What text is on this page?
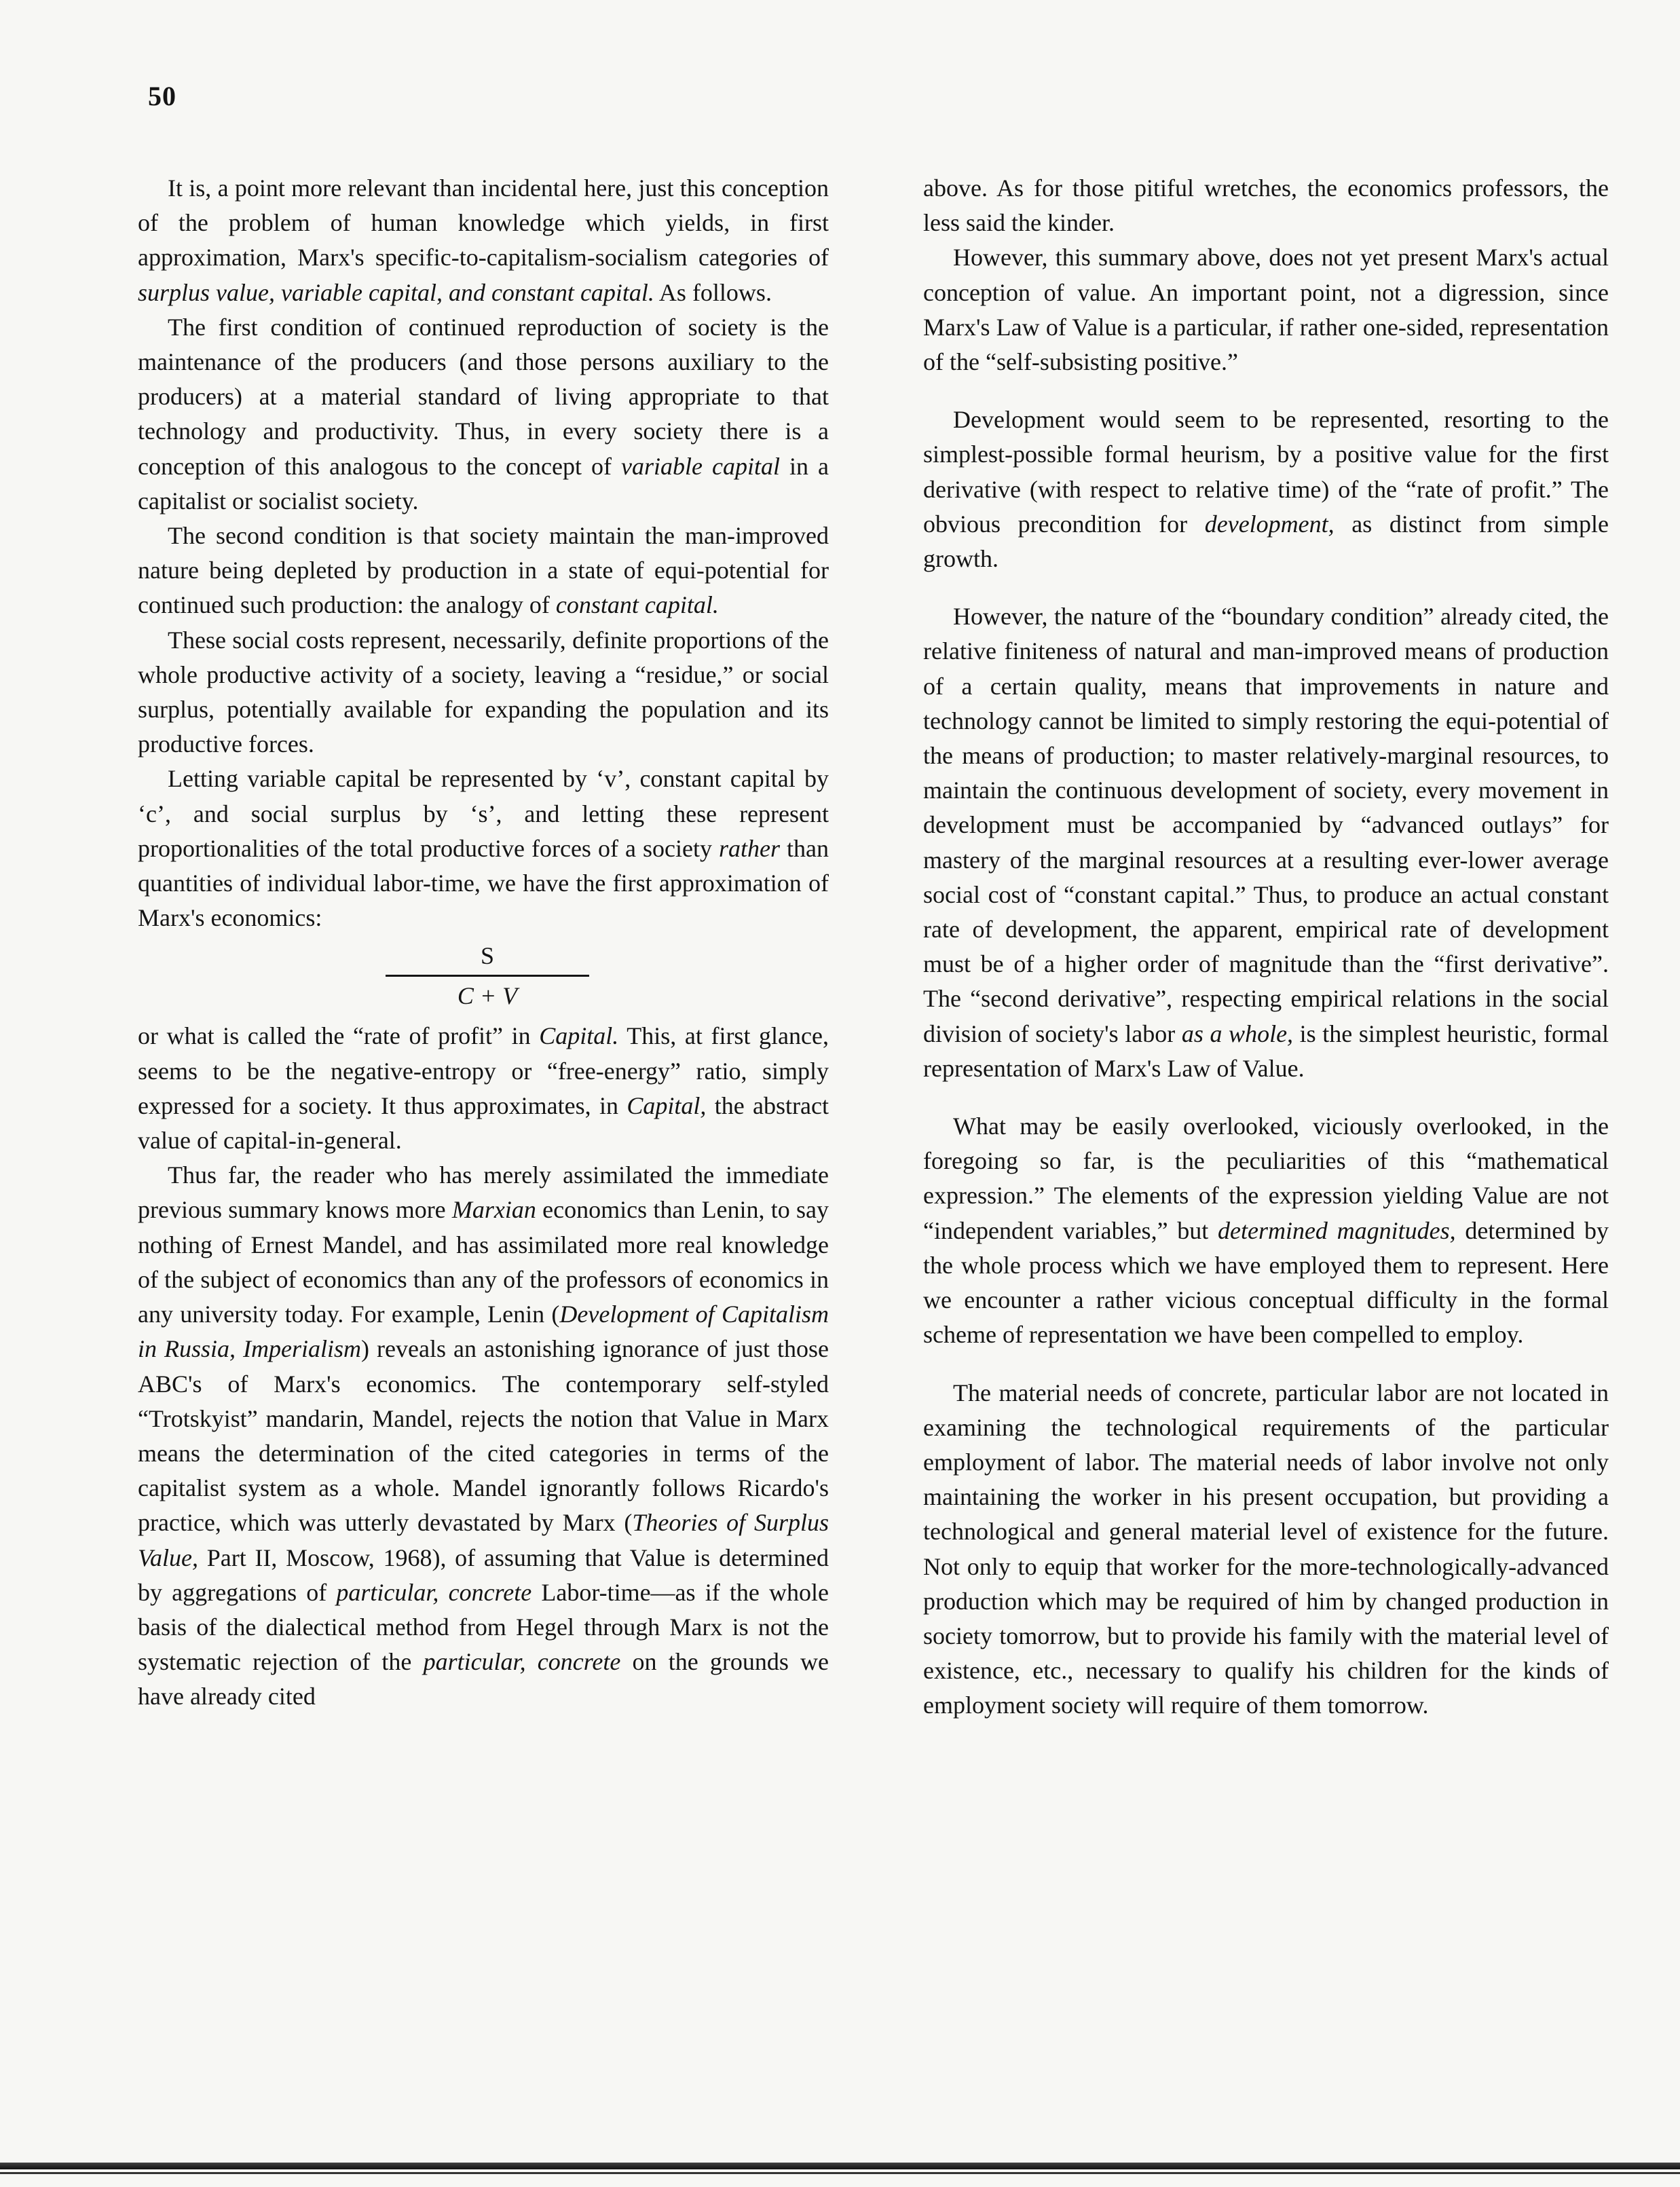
50

It is, a point more relevant than incidental here, just this conception of the problem of human knowledge which yields, in first approximation, Marx's specific-to-capitalism-socialism categories of surplus value, variable capital, and constant capital. As follows.

The first condition of continued reproduction of society is the maintenance of the producers (and those persons auxiliary to the producers) at a material standard of living appropriate to that technology and productivity. Thus, in every society there is a conception of this analogous to the concept of variable capital in a capitalist or socialist society.

The second condition is that society maintain the man-improved nature being depleted by production in a state of equi-potential for continued such production: the analogy of constant capital.

These social costs represent, necessarily, definite proportions of the whole productive activity of a society, leaving a “residue,” or social surplus, potentially available for expanding the population and its productive forces.

Letting variable capital be represented by ‘v’, constant capital by ‘c’, and social surplus by ‘s’, and letting these represent proportionalities of the total productive forces of a society rather than quantities of individual labor-time, we have the first approximation of Marx's economics:

S
C + V

or what is called the “rate of profit” in Capital. This, at first glance, seems to be the negative-entropy or “free-energy” ratio, simply expressed for a society. It thus approximates, in Capital, the abstract value of capital-in-general.

Thus far, the reader who has merely assimilated the immediate previous summary knows more Marxian economics than Lenin, to say nothing of Ernest Mandel, and has assimilated more real knowledge of the subject of economics than any of the professors of economics in any university today. For example, Lenin (Development of Capitalism in Russia, Imperialism) reveals an astonishing ignorance of just those ABC's of Marx's economics. The contemporary self-styled “Trotskyist” mandarin, Mandel, rejects the notion that Value in Marx means the determination of the cited categories in terms of the capitalist system as a whole. Mandel ignorantly follows Ricardo's practice, which was utterly devastated by Marx (Theories of Surplus Value, Part II, Moscow, 1968), of assuming that Value is determined by aggregations of particular, concrete Labor-time—as if the whole basis of the dialectical method from Hegel through Marx is not the systematic rejection of the particular, concrete on the grounds we have already cited

above. As for those pitiful wretches, the economics professors, the less said the kinder.

However, this summary above, does not yet present Marx's actual conception of value. An important point, not a digression, since Marx's Law of Value is a particular, if rather one-sided, representation of the “self-subsisting positive.”

Development would seem to be represented, resorting to the simplest-possible formal heurism, by a positive value for the first derivative (with respect to relative time) of the “rate of profit.” The obvious precondition for development, as distinct from simple growth.

However, the nature of the “boundary condition” already cited, the relative finiteness of natural and man-improved means of production of a certain quality, means that improvements in nature and technology cannot be limited to simply restoring the equi-potential of the means of production; to master relatively-marginal resources, to maintain the continuous development of society, every movement in development must be accompanied by “advanced outlays” for mastery of the marginal resources at a resulting ever-lower average social cost of “constant capital.” Thus, to produce an actual constant rate of development, the apparent, empirical rate of development must be of a higher order of magnitude than the “first derivative”. The “second derivative”, respecting empirical relations in the social division of society's labor as a whole, is the simplest heuristic, formal representation of Marx's Law of Value.

What may be easily overlooked, viciously overlooked, in the foregoing so far, is the peculiarities of this “mathematical expression.” The elements of the expression yielding Value are not “independent variables,” but determined magnitudes, determined by the whole process which we have employed them to represent. Here we encounter a rather vicious conceptual difficulty in the formal scheme of representation we have been compelled to employ.

The material needs of concrete, particular labor are not located in examining the technological requirements of the particular employment of labor. The material needs of labor involve not only maintaining the worker in his present occupation, but providing a technological and general material level of existence for the future. Not only to equip that worker for the more-technologically-advanced production which may be required of him by changed production in society tomorrow, but to provide his family with the material level of existence, etc., necessary to qualify his children for the kinds of employment society will require of them tomorrow.
